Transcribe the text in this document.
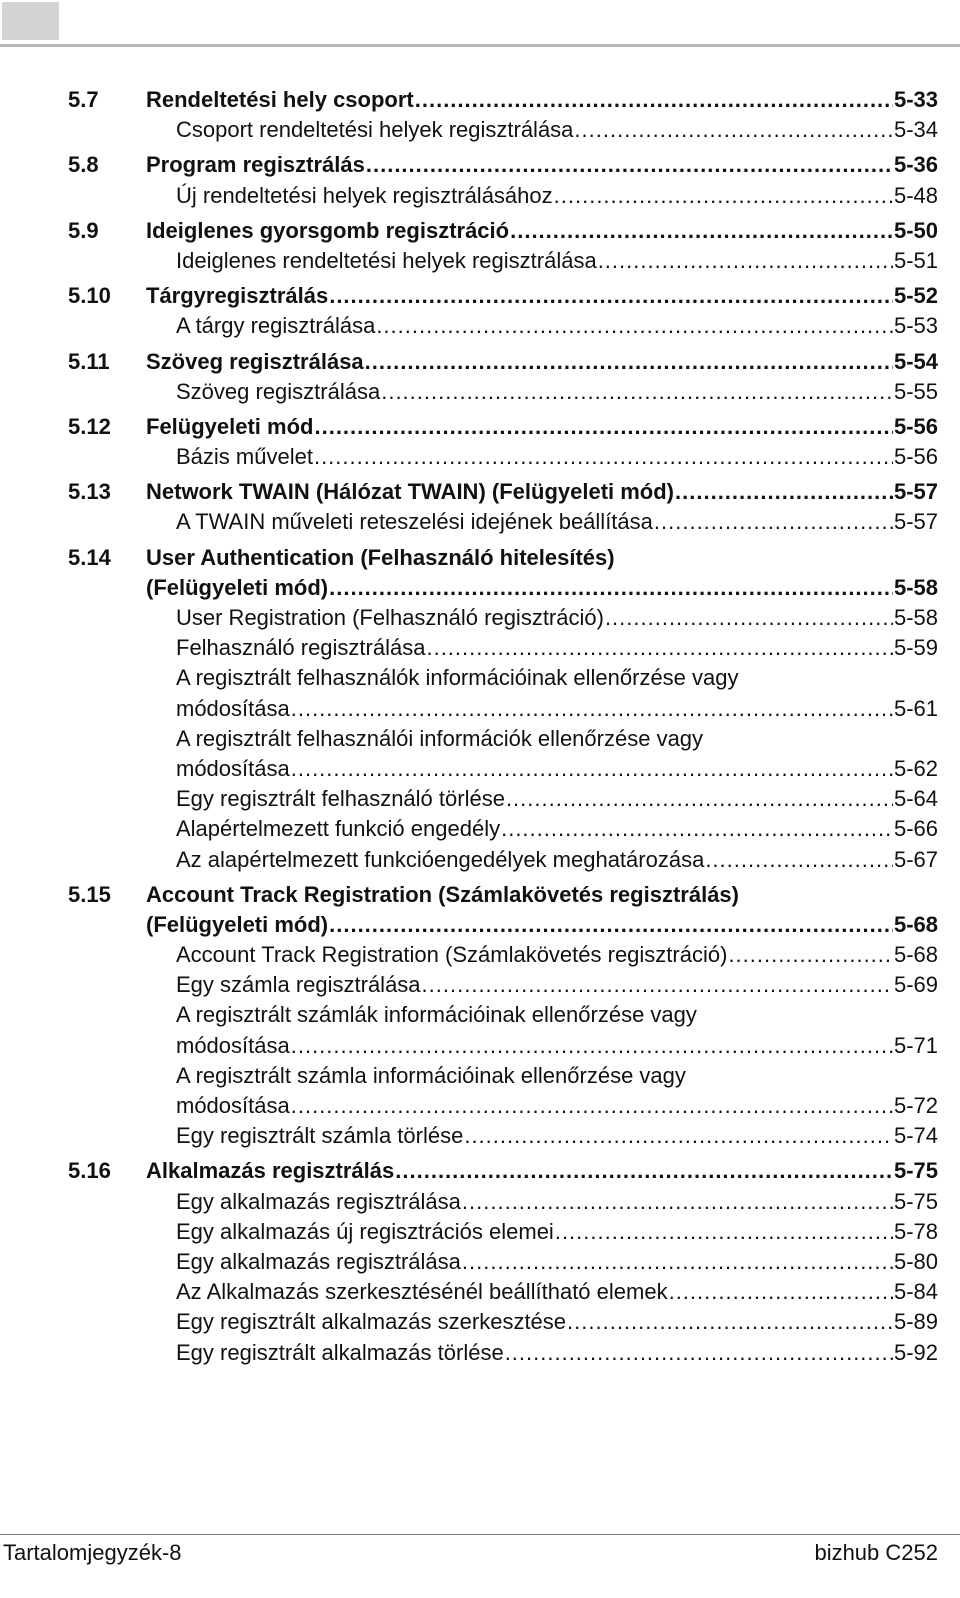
5.7	Rendeltetési hely csoport .....	5-33
Csoport rendeltetési helyek regisztrálása .....	5-34
5.8	Program regisztrálás .....	5-36
Új rendeltetési helyek regisztrálásához .....	5-48
5.9	Ideiglenes gyorsgomb regisztráció .....	5-50
Ideiglenes rendeltetési helyek regisztrálása .....	5-51
5.10	Tárgyregisztrálás .....	5-52
A tárgy regisztrálása .....	5-53
5.11	Szöveg regisztrálása .....	5-54
Szöveg regisztrálása .....	5-55
5.12	Felügyeleti mód .....	5-56
Bázis művelet .....	5-56
5.13	Network TWAIN (Hálózat TWAIN) (Felügyeleti mód) .....	5-57
A TWAIN műveleti reteszelési idejének beállítása .....	5-57
5.14	User Authentication (Felhasználó hitelesítés)
(Felügyeleti mód) .....	5-58
User Registration (Felhasználó regisztráció) .....	5-58
Felhasználó regisztrálása .....	5-59
A regisztrált felhasználók információinak ellenőrzése vagy
módosítása .....	5-61
A regisztrált felhasználói információk ellenőrzése vagy
módosítása .....	5-62
Egy regisztrált felhasználó törlése .....	5-64
Alapértelmezett funkció engedély .....	5-66
Az alapértelmezett funkcióengedélyek meghatározása .....	5-67
5.15	Account Track Registration (Számlakövetés regisztrálás)
(Felügyeleti mód) .....	5-68
Account Track Registration (Számlakövetés regisztráció) .....	5-68
Egy számla regisztrálása .....	5-69
A regisztrált számlák információinak ellenőrzése vagy
módosítása .....	5-71
A regisztrált számla információinak ellenőrzése vagy
módosítása .....	5-72
Egy regisztrált számla törlése .....	5-74
5.16	Alkalmazás regisztrálás .....	5-75
Egy alkalmazás regisztrálása .....	5-75
Egy alkalmazás új regisztrációs elemei .....	5-78
Egy alkalmazás regisztrálása .....	5-80
Az Alkalmazás szerkesztésénél beállítható elemek .....	5-84
Egy regisztrált alkalmazás szerkesztése .....	5-89
Egy regisztrált alkalmazás törlése .....	5-92
Tartalomjegyzék-8	bizhub C252
